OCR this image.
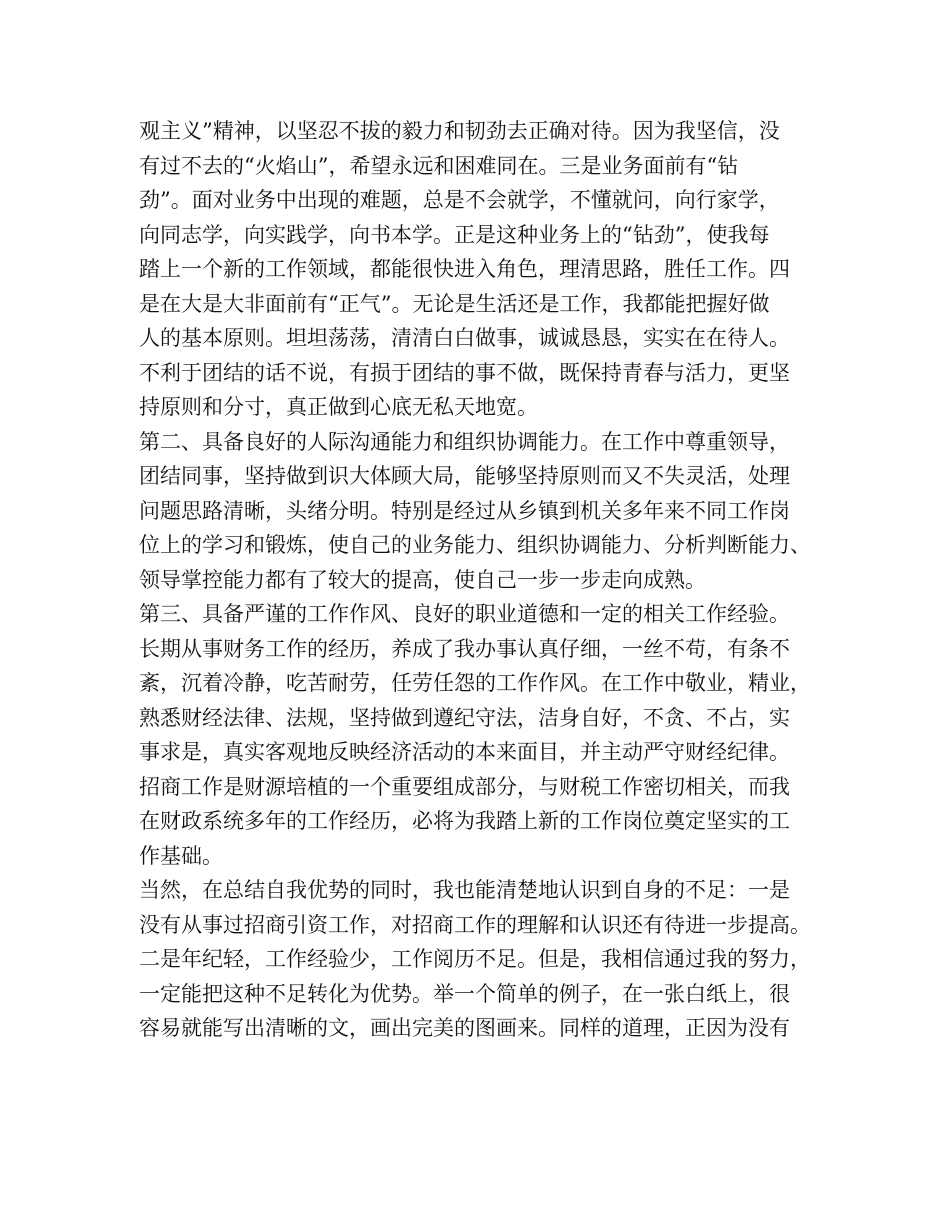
观主义”精神，以坚忍不拔的毅力和韧劲去正确对待。因为我坚信，没
有过不去的“火焰山”，希望永远和困难同在。三是业务面前有“钻
劲”。面对业务中出现的难题，总是不会就学，不懂就问，向行家学，
向同志学，向实践学，向书本学。正是这种业务上的“钻劲”，使我每
踏上一个新的工作领域，都能很快进入角色，理清思路，胜任工作。四
是在大是大非面前有“正气”。无论是生活还是工作，我都能把握好做
人的基本原则。坦坦荡荡，清清白白做事，诚诚恳恳，实实在在待人。
不利于团结的话不说，有损于团结的事不做，既保持青春与活力，更坚
持原则和分寸，真正做到心底无私天地宽。
第二、具备良好的人际沟通能力和组织协调能力。在工作中尊重领导，
团结同事，坚持做到识大体顾大局，能够坚持原则而又不失灵活，处理
问题思路清晰，头绪分明。特别是经过从乡镇到机关多年来不同工作岗
位上的学习和锻炼，使自己的业务能力、组织协调能力、分析判断能力、
领导掌控能力都有了较大的提高，使自己一步一步走向成熟。
第三、具备严谨的工作作风、良好的职业道德和一定的相关工作经验。
长期从事财务工作的经历，养成了我办事认真仔细，一丝不苟，有条不
紊，沉着冷静，吃苦耐劳，任劳任怨的工作作风。在工作中敬业，精业，
熟悉财经法律、法规，坚持做到遵纪守法，洁身自好，不贪、不占，实
事求是，真实客观地反映经济活动的本来面目，并主动严守财经纪律。
招商工作是财源培植的一个重要组成部分，与财税工作密切相关，而我
在财政系统多年的工作经历，必将为我踏上新的工作岗位奠定坚实的工
作基础。
当然，在总结自我优势的同时，我也能清楚地认识到自身的不足：一是
没有从事过招商引资工作，对招商工作的理解和认识还有待进一步提高。
二是年纪轻，工作经验少，工作阅历不足。但是，我相信通过我的努力，
一定能把这种不足转化为优势。举一个简单的例子，在一张白纸上，很
容易就能写出清晰的文，画出完美的图画来。同样的道理，正因为没有
